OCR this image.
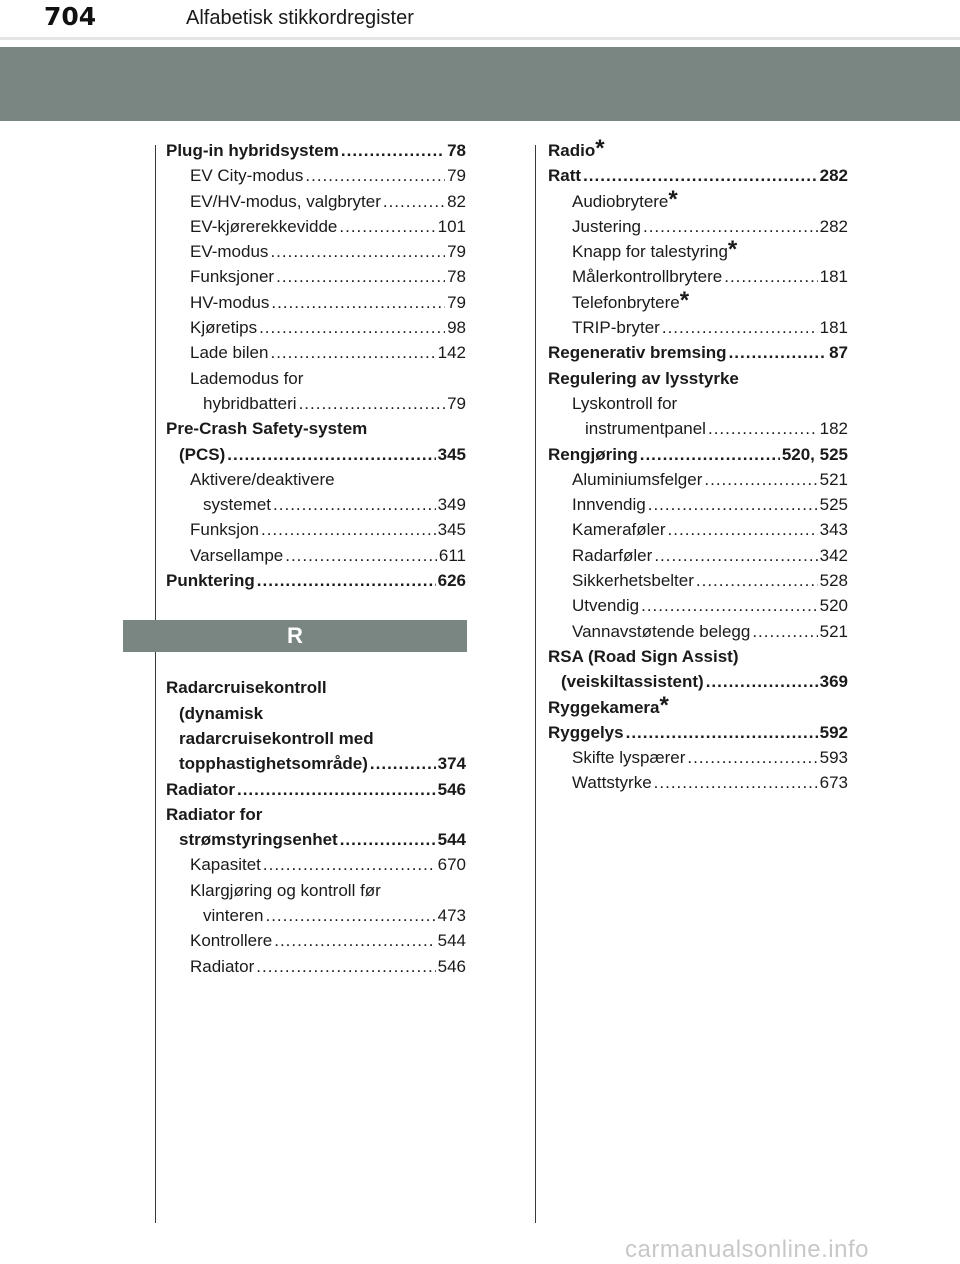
704	Alfabetisk stikkordregister
Plug-in hybridsystem .....	78
EV City-modus .....	79
EV/HV-modus, valgbryter .....	82
EV-kjørerekkevidde .....	101
EV-modus .....	79
Funksjoner .....	78
HV-modus .....	79
Kjøretips .....	98
Lade bilen .....	142
Lademodus for
hybridbatteri .....	79
Pre-Crash Safety-system
(PCS) .....	345
Aktivere/deaktivere
systemet .....	349
Funksjon .....	345
Varsellampe .....	611
Punktering .....	626
Radarcruisekontroll
(dynamisk
radarcruisekontroll med
topphastighetsområde) .....	374
Radiator .....	546
Radiator for
strømstyringsenhet .....	544
Kapasitet .....	670
Klargjøring og kontroll før
vinteren .....	473
Kontrollere .....	544
Radiator .....	546
R
Radio *
Ratt .....	282
Audiobrytere *
Justering .....	282
Knapp for talestyring *
Målerkontrollbrytere .....	181
Telefonbrytere *
TRIP-bryter .....	181
Regenerativ bremsing .....	87
Regulering av lysstyrke
Lyskontroll for
instrumentpanel .....	182
Rengjøring .....	520, 525
Aluminiumsfelger .....	521
Innvendig .....	525
Kameraføler .....	343
Radarføler .....	342
Sikkerhetsbelter .....	528
Utvendig .....	520
Vannavstøtende belegg .....	521
RSA (Road Sign Assist)
(veiskiltassistent) .....	369
Ryggekamera *
Ryggelys .....	592
Skifte lyspærer .....	593
Wattstyrke .....	673
carmanualsonline.info
